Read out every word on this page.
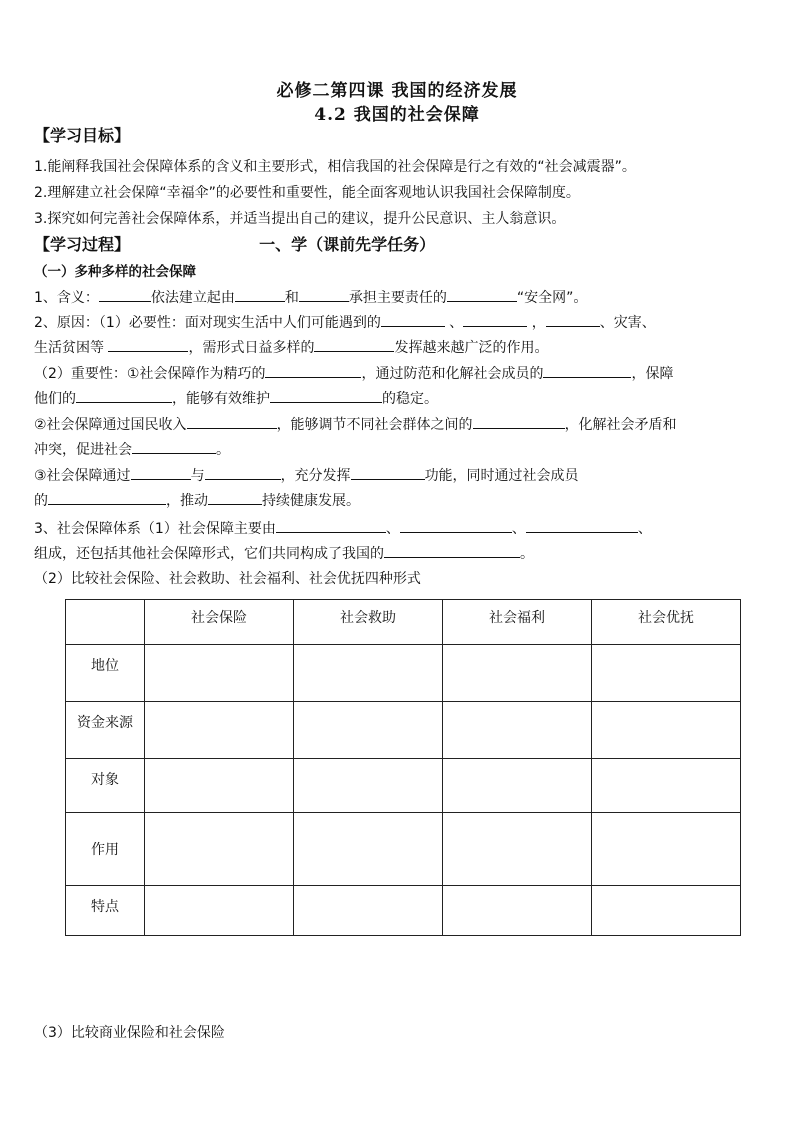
必修二第四课 我国的经济发展
4.2 我国的社会保障
【学习目标】
1.能阐释我国社会保障体系的含义和主要形式，相信我国的社会保障是行之有效的“社会减震器”。
2.理解建立社会保障“幸福伞”的必要性和重要性，能全面客观地认识我国社会保障制度。
3.探究如何完善社会保障体系，并适当提出自己的建议，提升公民意识、主人翁意识。
【学习过程】	一、学（课前先学任务）
（一）多种多样的社会保障
1、含义：	依法建立起由	和	承担主要责任的	“安全网”。
2、原因：（1）必要性：面对现实生活中人们可能遇到的	、	，	、灾害、
生活贫困等	，需形式日益多样的	发挥越来越广泛的作用。
（2）重要性：①社会保障作为精巧的	，通过防范和化解社会成员的	，保障
他们的	，能够有效维护	的稳定。
②社会保障通过国民收入	，能够调节不同社会群体之间的	，化解社会矛盾和
冲突，促进社会	。
③社会保障通过	与	，充分发挥	功能，同时通过社会成员
的	，推动	持续健康发展。
3、社会保障体系（1）社会保障主要由	、	、	、
组成，还包括其他社会保障形式，它们共同构成了我国的	。
（2）比较社会保险、社会救助、社会福利、社会优抚四种形式
	社会保险	社会救助	社会福利	社会优抚
地位				
资金来源				
对象				
作用				
特点				
（3）比较商业保险和社会保险
